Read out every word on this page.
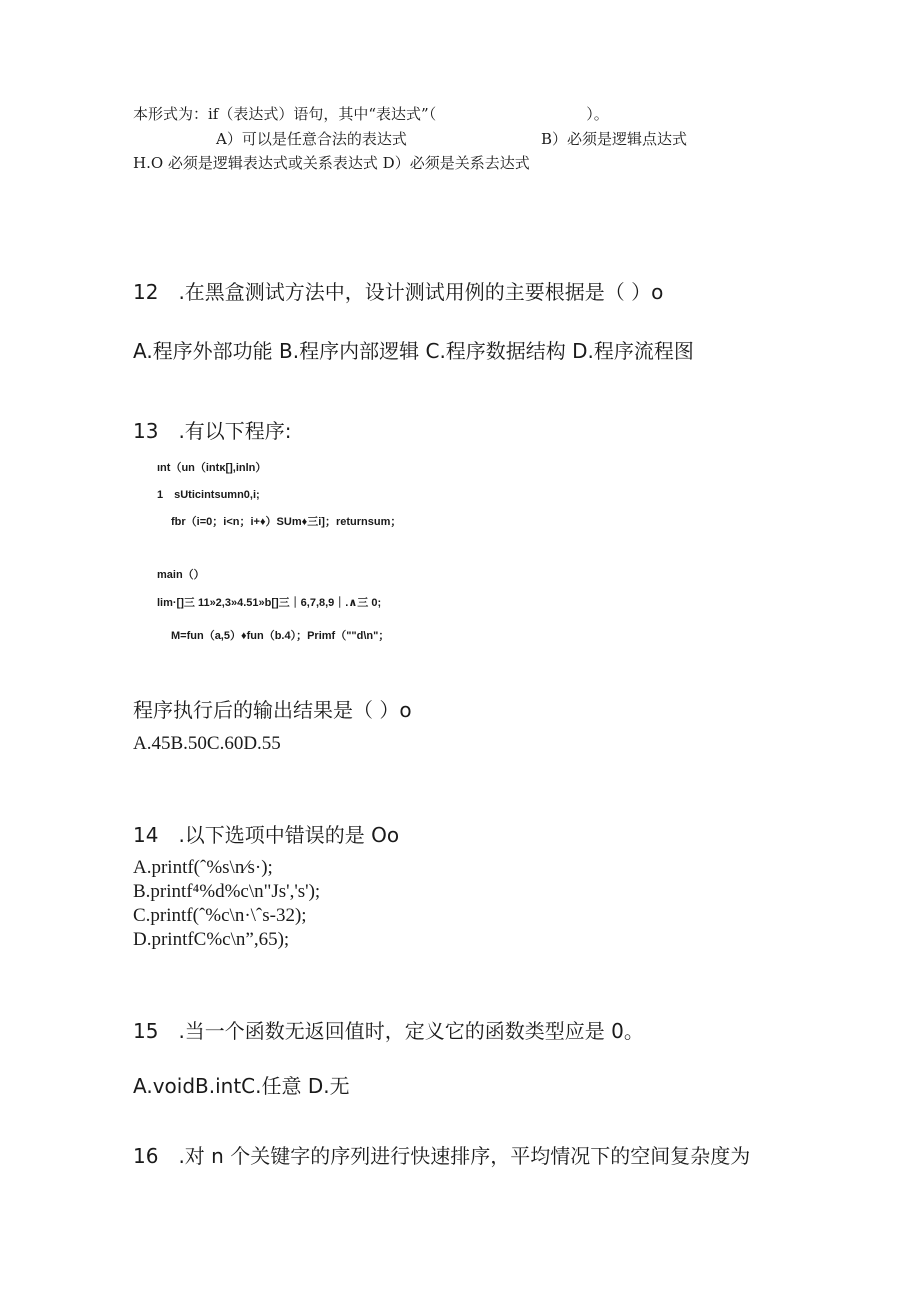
本形式为：if（表达式）语句，其中“表达式”（　　　　　　　　　　）。
A）可以是任意合法的表达式	B）必须是逻辑点达式
H.O 必须是逻辑表达式或关系表达式 D）必须是关系去达式
12　.在黑盒测试方法中，设计测试用例的主要根据是（ ）o
A.程序外部功能 B.程序内部逻辑 C.程序数据结构 D.程序流程图
13　.有以下程序:
ınt（un（intκ[],inln）
1　sUticintsumn0,i;
fbr（i=0；i<n；i+♦）SUm♦三i]；returnsum；
main（）
lim·[]三 11»2,3»4.51»b[]三｜6,7,8,9｜.∧三 0;
M=fun（a,5）♦fun（b.4）；Primf（""d\n"；
程序执行后的输出结果是（ ）o
A.45B.50C.60D.55
14　.以下选项中错误的是 Oo
A.printf(ˆ%s\n⁄s·);
B.printf⁴%d%c\n"Js','s');
C.printf(ˆ%c\n·\ˆs-32);
D.printfC%c\n”,65);
15　.当一个函数无返回值时，定义它的函数类型应是 0。
A.voidB.intC.任意 D.无
16　.对 n 个关键字的序列进行快速排序，平均情况下的空间复杂度为
